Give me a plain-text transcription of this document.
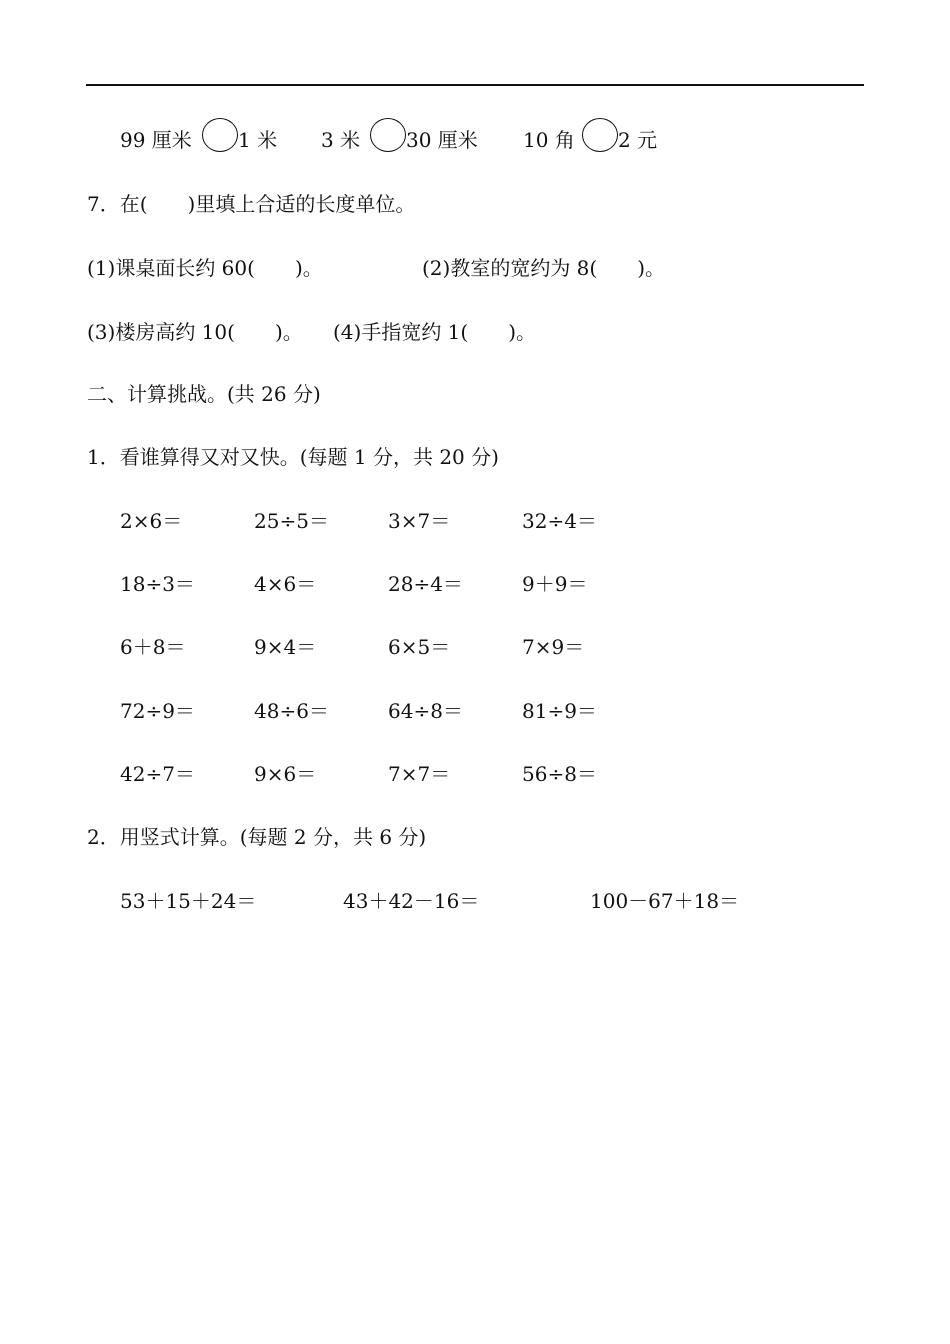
99 厘米 1 米 3 米 30 厘米 10 角 2 元
7．在(　　 )里填上合适的长度单位。
(1)课桌面长约 60(　　 )。	(2)教室的宽约为 8(　　 )。
(3)楼房高约 10(　　 )。 (4)手指宽约 1(　　 )。
二、计算挑战。(共 26 分)
1．看谁算得又对又快。(每题 1 分，共 20 分)
2×6＝	25÷5＝	3×7＝	32÷4＝
18÷3＝	4×6＝	28÷4＝	9＋9＝
6＋8＝	9×4＝	6×5＝	7×9＝
72÷9＝	48÷6＝	64÷8＝	81÷9＝
42÷7＝	9×6＝	7×7＝	56÷8＝
2．用竖式计算。(每题 2 分，共 6 分)
53＋15＋24＝	43＋42－16＝	100－67＋18＝
